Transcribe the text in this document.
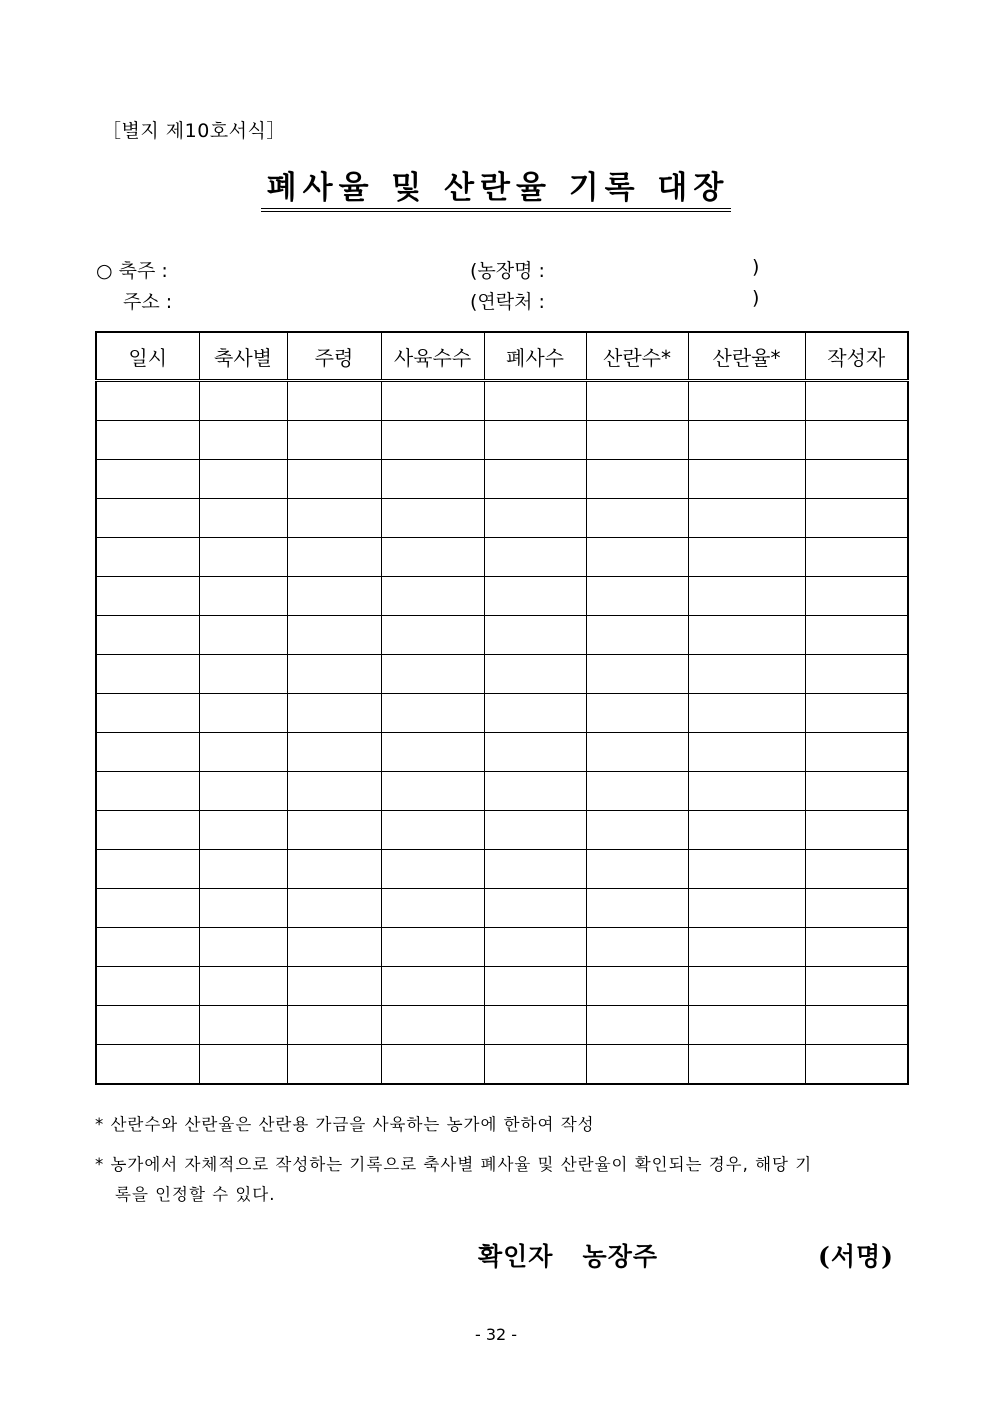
［별지 제10호서식］
폐사율 및 산란율 기록 대장
○ 축주 :	(농장명 :	)
주소 :	(연락처 :	)
일시	축사별	주령	사육수수	폐사수	산란수*	산란율*	작성자

* 산란수와 산란율은 산란용 가금을 사육하는 농가에 한하여 작성
* 농가에서 자체적으로 작성하는 기록으로 축사별 폐사율 및 산란율이 확인되는 경우, 해당 기
록을 인정할 수 있다.
확인자   농장주	(서명)
- 32 -
